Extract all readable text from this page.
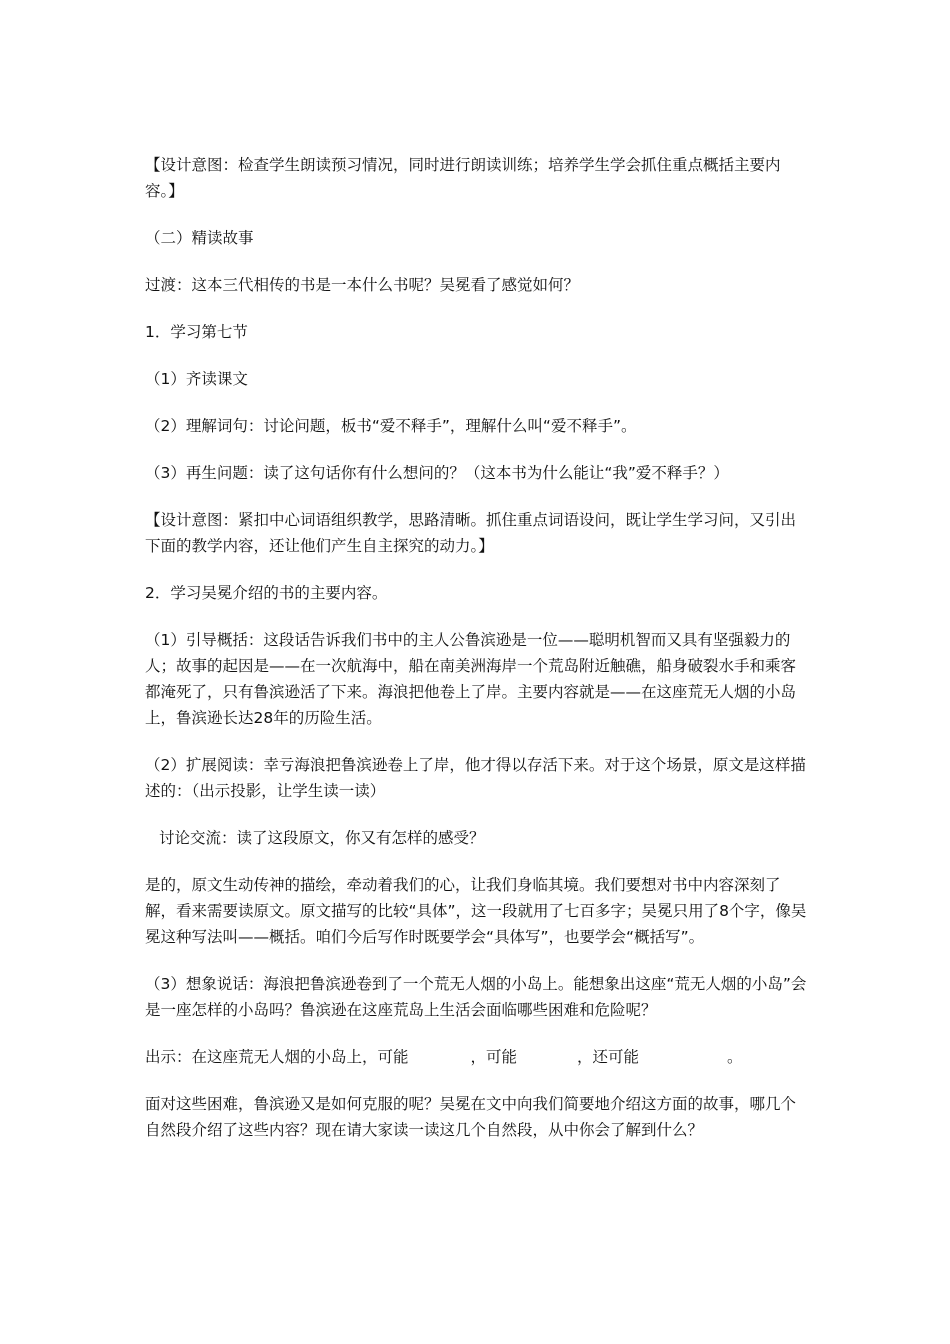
【设计意图：检查学生朗读预习情况，同时进行朗读训练；培养学生学会抓住重点概括主要内容。】

（二）精读故事

过渡：这本三代相传的书是一本什么书呢？吴冕看了感觉如何？

1．学习第七节

（1）齐读课文

（2）理解词句：讨论问题，板书“爱不释手”，理解什么叫“爱不释手”。

（3）再生问题：读了这句话你有什么想问的？（这本书为什么能让“我”爱不释手？）

【设计意图：紧扣中心词语组织教学，思路清晰。抓住重点词语设问，既让学生学习问，又引出下面的教学内容，还让他们产生自主探究的动力。】

2．学习吴冕介绍的书的主要内容。

（1）引导概括：这段话告诉我们书中的主人公鲁滨逊是一位——聪明机智而又具有坚强毅力的人；故事的起因是——在一次航海中，船在南美洲海岸一个荒岛附近触礁，船身破裂水手和乘客都淹死了，只有鲁滨逊活了下来。海浪把他卷上了岸。主要内容就是——在这座荒无人烟的小岛上，鲁滨逊长达28年的历险生活。

（2）扩展阅读：幸亏海浪把鲁滨逊卷上了岸，他才得以存活下来。对于这个场景，原文是这样描述的：（出示投影，让学生读一读）

讨论交流：读了这段原文，你又有怎样的感受？

是的，原文生动传神的描绘，牵动着我们的心，让我们身临其境。我们要想对书中内容深刻了解，看来需要读原文。原文描写的比较“具体”，这一段就用了七百多字；吴冕只用了8个字，像吴冕这种写法叫——概括。咱们今后写作时既要学会“具体写”，也要学会“概括写”。

（3）想象说话：海浪把鲁滨逊卷到了一个荒无人烟的小岛上。能想象出这座“荒无人烟的小岛”会是一座怎样的小岛吗？鲁滨逊在这座荒岛上生活会面临哪些困难和危险呢？

出示：在这座荒无人烟的小岛上，可能	，可能	，还可能	。

面对这些困难，鲁滨逊又是如何克服的呢？吴冕在文中向我们简要地介绍这方面的故事，哪几个自然段介绍了这些内容？现在请大家读一读这几个自然段，从中你会了解到什么？
